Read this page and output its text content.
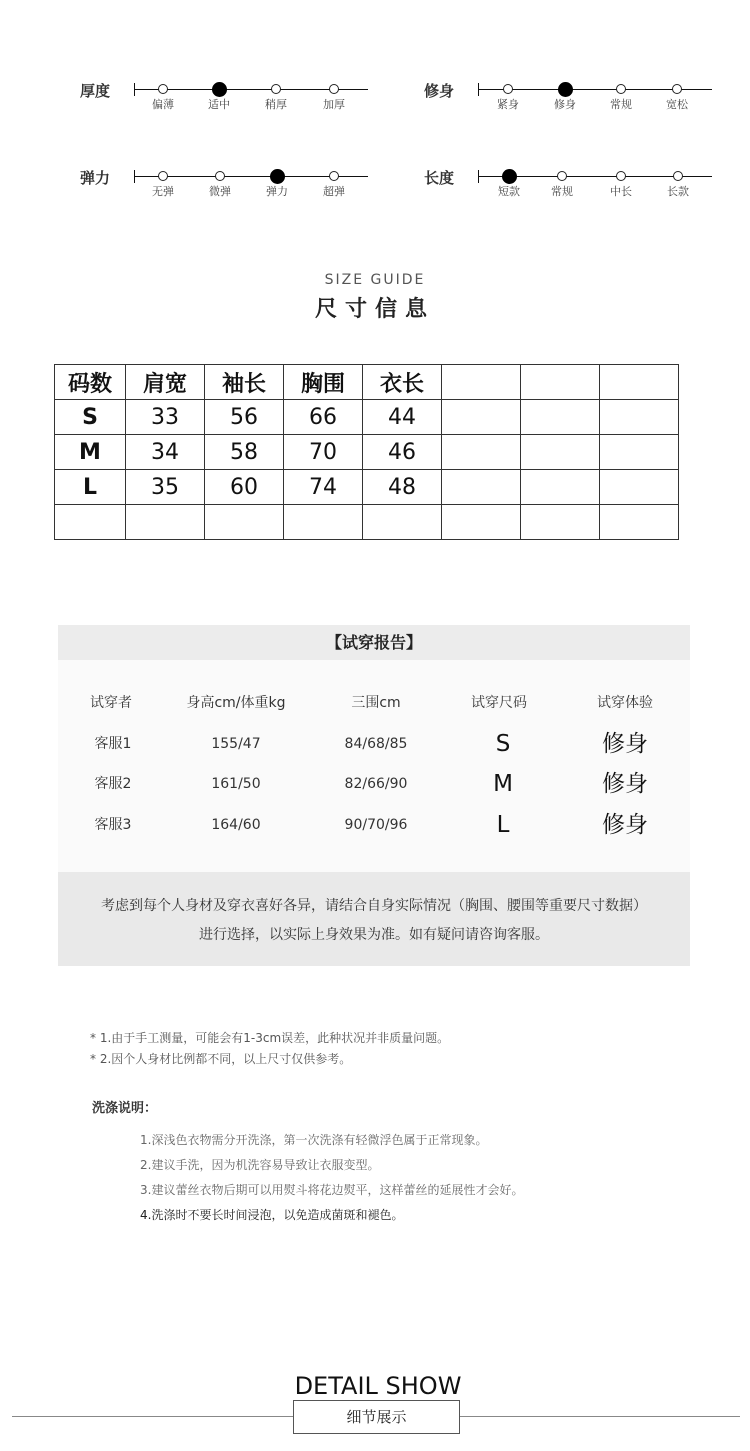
厚度
偏薄	适中	稍厚	加厚
修身
紧身	修身	常规	宽松
弹力
无弹	微弹	弹力	超弹
长度
短款	常规	中长	长款
SIZE GUIDE
尺寸信息
码数	肩宽	袖长	胸围	衣长			
S	33	56	66	44			
M	34	58	70	46			
L	35	60	74	48			

【试穿报告】
试穿者	身高cm/体重kg	三围cm	试穿尺码	试穿体验
客服1	155/47	84/68/85	S	修身
客服2	161/50	82/66/90	M	修身
客服3	164/60	90/70/96	L	修身

考虑到每个人身材及穿衣喜好各异，请结合自身实际情况（胸围、腰围等重要尺寸数据）

进行选择，以实际上身效果为准。如有疑问请咨询客服。

* 1.由于手工测量，可能会有1-3cm误差，此种状况并非质量问题。
* 2.因个人身材比例都不同，以上尺寸仅供参考。
洗涤说明：
1.深浅色衣物需分开洗涤，第一次洗涤有轻微浮色属于正常现象。
2.建议手洗，因为机洗容易导致让衣服变型。
3.建议蕾丝衣物后期可以用熨斗将花边熨平，这样蕾丝的延展性才会好。
4.洗涤时不要长时间浸泡，以免造成菌斑和褪色。
DETAIL SHOW
细节展示
